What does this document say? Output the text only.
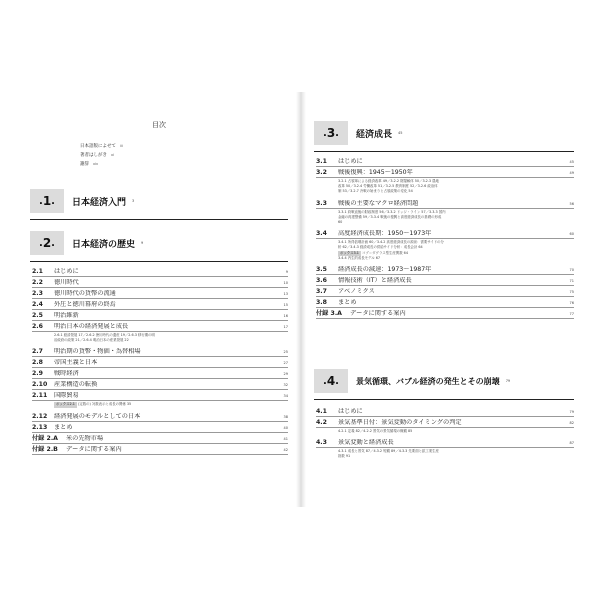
目次
日本語版によせて iii
著者はしがき xi
謝辞 xiv
. 1 . 日本経済入門 3
. 2 . 日本経済の歴史 9
2.1	はじめに	9
2.2	徳川時代	10
2.3	徳川時代の貨幣の流通	13
2.4	外圧と徳川幕府の終焉	15
2.5	明治維新	16
2.6	明治日本の経済発展と成長	17
2.6.1 経済発展 17／2.6.2 徳川時代の遺産 19／2.6.3 移行期の明
治政府の政策 21／2.6.4 明治日本の産業発展 22
2.7	明治期の貨幣・物価・為替相場	25
2.8	帝国主義と日本	27
2.9	戦時経済	29
2.10	産業構造の転換	32
2.11	国際貿易	34
ボックス2.1 (定数の) 対数表示と成長の関係 35
2.12	経済発展のモデルとしての日本	38
2.13	まとめ	40
付録 2.A	米の先物市場	41
付録 2.B	データに関する案内	42
. 3 . 経済成長 45
3.1	はじめに	45
3.2	戦後復興：1945〜1950年	49
3.2.1 占領軍による経済改革 49／3.2.2 財閥解体 50／3.2.3 農地
改革 50／3.2.4 労働改革 51／3.2.5 教育制度 52／3.2.6 政治体
制 53／3.2.7 冷戦の始まりと占領政策の変化 54
3.3	戦後の主要なマクロ経済問題	56
3.3.1 終戦直後の財政制度 56／3.3.2 ドッジ・ライン 57／3.3.3 国内
金融の再建整備 59／3.3.4 戦後の復興と高度経済成長の基礎の形成
60
3.4	高度経済成長期：1950〜1973年	60
3.4.1 所得倍増計画 60／3.4.2 高度経済成長の源泉：需要サイドの分
析 62／3.4.3 経済成長の供給サイド分析：成長会計 64
ボックス3.1 コブ＝ダグラス型生産関数 64
3.4.4 内生的成長モデル 67
3.5	経済成長の減速：1973〜1987年	70
3.6	情報技術（IT）と経済成長	71
3.7	アベノミクス	75
3.8	まとめ	76
付録 3.A	データに関する案内	77
. 4 . 景気循環、バブル経済の発生とその崩壊 79
4.1	はじめに	79
4.2	景気基準日付：景気変動のタイミングの判定	82
4.2.1 定義 82／4.2.2 景気の景気循環の概観 85
4.3	景気変動と経済成長	87
4.3.1 成長と景気 87／4.3.2 短観 89／4.3.3 先要面と鉱工業生産
指数 91
